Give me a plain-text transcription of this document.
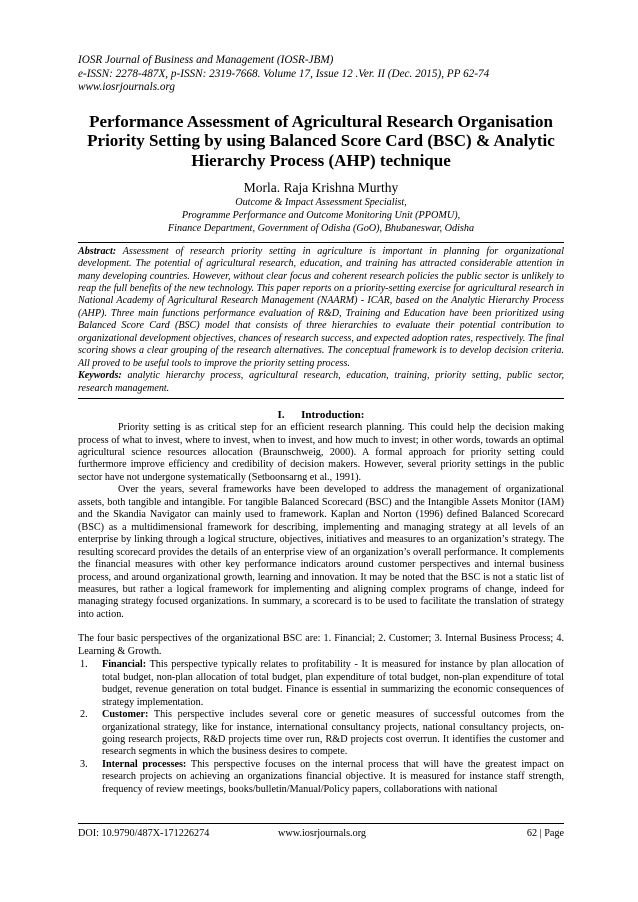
IOSR Journal of Business and Management (IOSR-JBM)

e-ISSN: 2278-487X, p-ISSN: 2319-7668. Volume 17, Issue 12 .Ver. II (Dec. 2015), PP 62-74

www.iosrjournals.org

Performance Assessment of Agricultural Research Organisation Priority Setting by using Balanced Score Card (BSC) & Analytic Hierarchy Process (AHP) technique
Morla. Raja Krishna Murthy

Outcome & Impact Assessment Specialist,

Programme Performance and Outcome Monitoring Unit (PPOMU),

Finance Department, Government of Odisha (GoO), Bhubaneswar, Odisha

Abstract: Assessment of research priority setting in agriculture is important in planning for organizational development. The potential of agricultural research, education, and training has attracted considerable attention in many developing countries. However, without clear focus and coherent research policies the public sector is unlikely to reap the full benefits of the new technology. This paper reports on a priority-setting exercise for agricultural research in National Academy of Agricultural Research Management (NAARM) - ICAR, based on the Analytic Hierarchy Process (AHP). Three main functions performance evaluation of R&D, Training and Education have been prioritized using Balanced Score Card (BSC) model that consists of three hierarchies to evaluate their potential contribution to organizational development objectives, chances of research success, and expected adoption rates, respectively. The final scoring shows a clear grouping of the research alternatives. The conceptual framework is to develop decision criteria. All proved to be useful tools to improve the priority setting process.

Keywords: analytic hierarchy process, agricultural research, education, training, priority setting, public sector, research management.

I.      Introduction:

Priority setting is as critical step for an efficient research planning. This could help the decision making process of what to invest, where to invest, when to invest, and how much to invest; in other words, towards an optimal agricultural science resources allocation (Braunschweig, 2000). A formal approach for priority setting could furthermore improve efficiency and credibility of decision makers. However, several priority settings in the public sector have not undergone systematically (Setboonsarng et al., 1991).

Over the years, several frameworks have been developed to address the management of organizational assets, both tangible and intangible. For tangible Balanced Scorecard (BSC) and the Intangible Assets Monitor (IAM) and the Skandia Navigator can mainly used to framework. Kaplan and Norton (1996) defined Balanced Scorecard (BSC) as a multidimensional framework for describing, implementing and managing strategy at all levels of an enterprise by linking through a logical structure, objectives, initiatives and measures to an organization’s strategy. The resulting scorecard provides the details of an enterprise view of an organization’s overall performance. It complements the financial measures with other key performance indicators around customer perspectives and internal business process, and around organizational growth, learning and innovation. It may be noted that the BSC is not a static list of measures, but rather a logical framework for implementing and aligning complex programs of change, indeed for managing strategy focused organizations. In summary, a scorecard is to be used to facilitate the translation of strategy into action.

The four basic perspectives of the organizational BSC are: 1. Financial; 2. Customer; 3. Internal Business Process; 4. Learning & Growth.

1. Financial: This perspective typically relates to profitability - It is measured for instance by plan allocation of total budget, non-plan allocation of total budget, plan expenditure of total budget, non-plan expenditure of total budget, revenue generation on total budget. Finance is essential in summarizing the economic consequences of strategy implementation.
2. Customer: This perspective includes several core or genetic measures of successful outcomes from the organizational strategy, like for instance, international consultancy projects, national consultancy projects, on-going research projects, R&D projects time over run, R&D projects cost overrun. It identifies the customer and research segments in which the business desires to compete.
3. Internal processes: This perspective focuses on the internal process that will have the greatest impact on research projects on achieving an organizations financial objective. It is measured for instance staff strength, frequency of review meetings, books/bulletin/Manual/Policy papers, collaborations with national
DOI: 10.9790/487X-171226274	www.iosrjournals.org	62 | Page
